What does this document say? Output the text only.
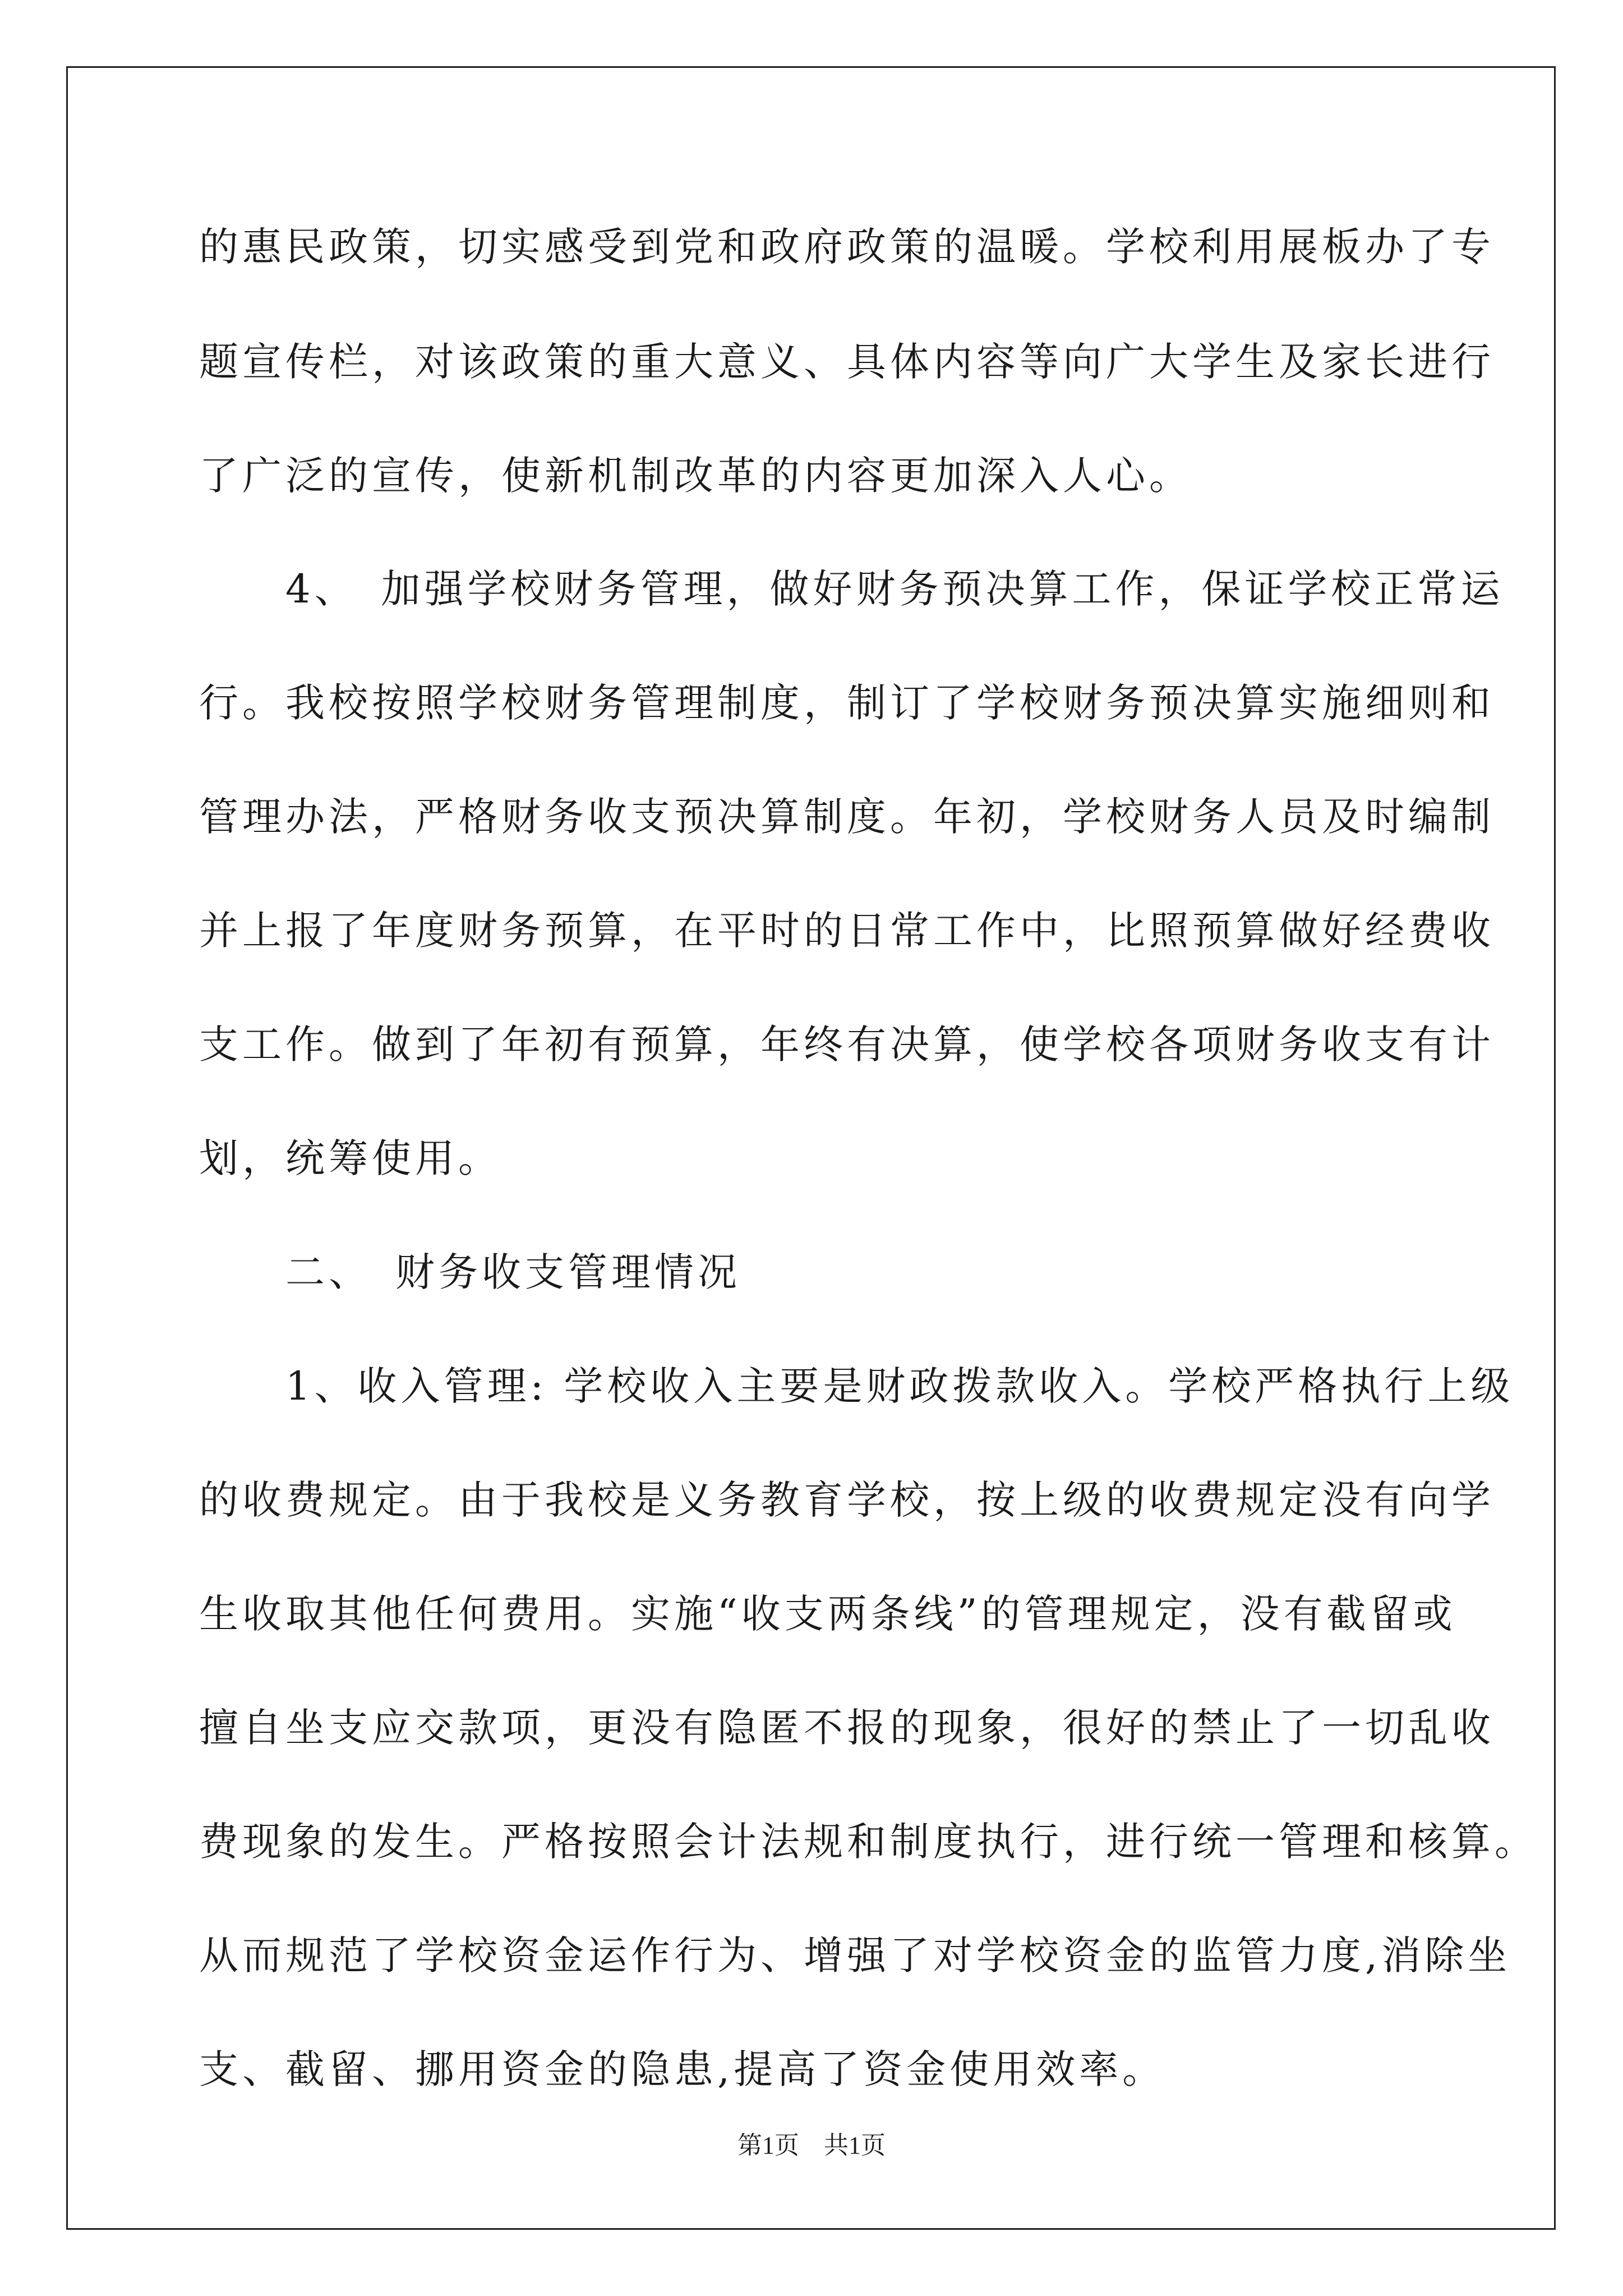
的惠民政策，切实感受到党和政府政策的温暖。学校利用展板办了专
题宣传栏，对该政策的重大意义、具体内容等向广大学生及家长进行
了广泛的宣传，使新机制改革的内容更加深入人心。
　　4、　加强学校财务管理，做好财务预决算工作，保证学校正常运
行。我校按照学校财务管理制度，制订了学校财务预决算实施细则和
管理办法，严格财务收支预决算制度。年初，学校财务人员及时编制
并上报了年度财务预算，在平时的日常工作中，比照预算做好经费收
支工作。做到了年初有预算，年终有决算，使学校各项财务收支有计
划，统筹使用。
　　二、　财务收支管理情况
　　1、收入管理: 学校收入主要是财政拨款收入。学校严格执行上级
的收费规定。由于我校是义务教育学校，按上级的收费规定没有向学
生收取其他任何费用。实施“收支两条线”的管理规定，没有截留或
擅自坐支应交款项，更没有隐匿不报的现象，很好的禁止了一切乱收
费现象的发生。严格按照会计法规和制度执行，进行统一管理和核算。
从而规范了学校资金运作行为、增强了对学校资金的监管力度,消除坐
支、截留、挪用资金的隐患,提高了资金使用效率。
第1页　共1页
